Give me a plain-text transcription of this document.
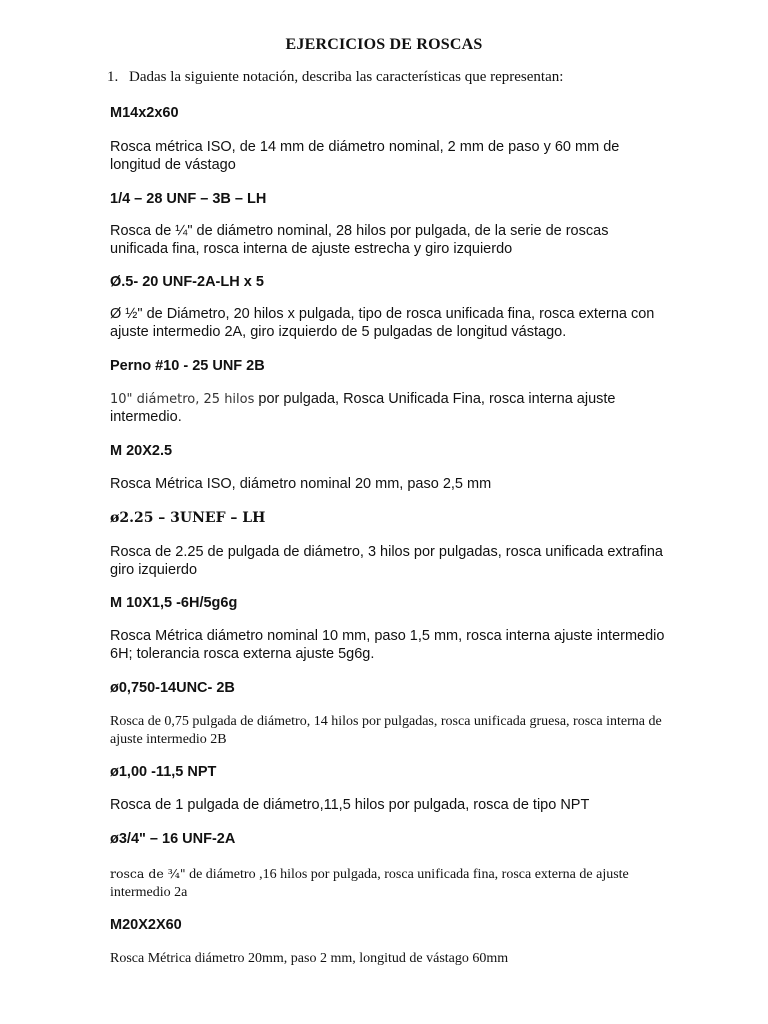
EJERCICIOS DE ROSCAS

1. Dadas la siguiente notación, describa las características que representan:

M14x2x60

Rosca métrica ISO, de 14 mm de diámetro nominal, 2 mm de paso y 60 mm de longitud de vástago

1/4 – 28 UNF – 3B – LH

Rosca de ¼" de diámetro nominal, 28 hilos por pulgada, de la serie de roscas unificada fina, rosca interna de ajuste estrecha y giro izquierdo

Ø.5- 20 UNF-2A-LH x 5

Ø ½" de Diámetro, 20 hilos x pulgada, tipo de rosca unificada fina, rosca externa con ajuste intermedio 2A, giro izquierdo de 5 pulgadas de longitud vástago.

Perno #10 - 25 UNF 2B

10" diámetro, 25 hilos por pulgada, Rosca Unificada Fina, rosca interna ajuste intermedio.

M 20X2.5

Rosca Métrica ISO, diámetro nominal 20 mm, paso 2,5 mm

ø2.25 – 3UNEF – LH

Rosca de 2.25 de pulgada de diámetro, 3 hilos por pulgadas, rosca unificada extrafina giro izquierdo

M 10X1,5 -6H/5g6g

Rosca Métrica diámetro nominal 10 mm, paso 1,5 mm, rosca interna ajuste intermedio 6H; tolerancia rosca externa ajuste 5g6g.

ø0,750-14UNC- 2B

Rosca de 0,75 pulgada de diámetro, 14 hilos por pulgadas, rosca unificada gruesa, rosca interna de ajuste intermedio 2B

ø1,00 -11,5 NPT

Rosca de 1 pulgada de diámetro,11,5 hilos por pulgada, rosca de tipo NPT

ø3/4" – 16 UNF-2A

rosca de ¾" de diámetro ,16 hilos por pulgada, rosca unificada fina, rosca externa de ajuste intermedio 2a

M20X2X60

Rosca Métrica diámetro 20mm, paso 2 mm, longitud de vástago 60mm
